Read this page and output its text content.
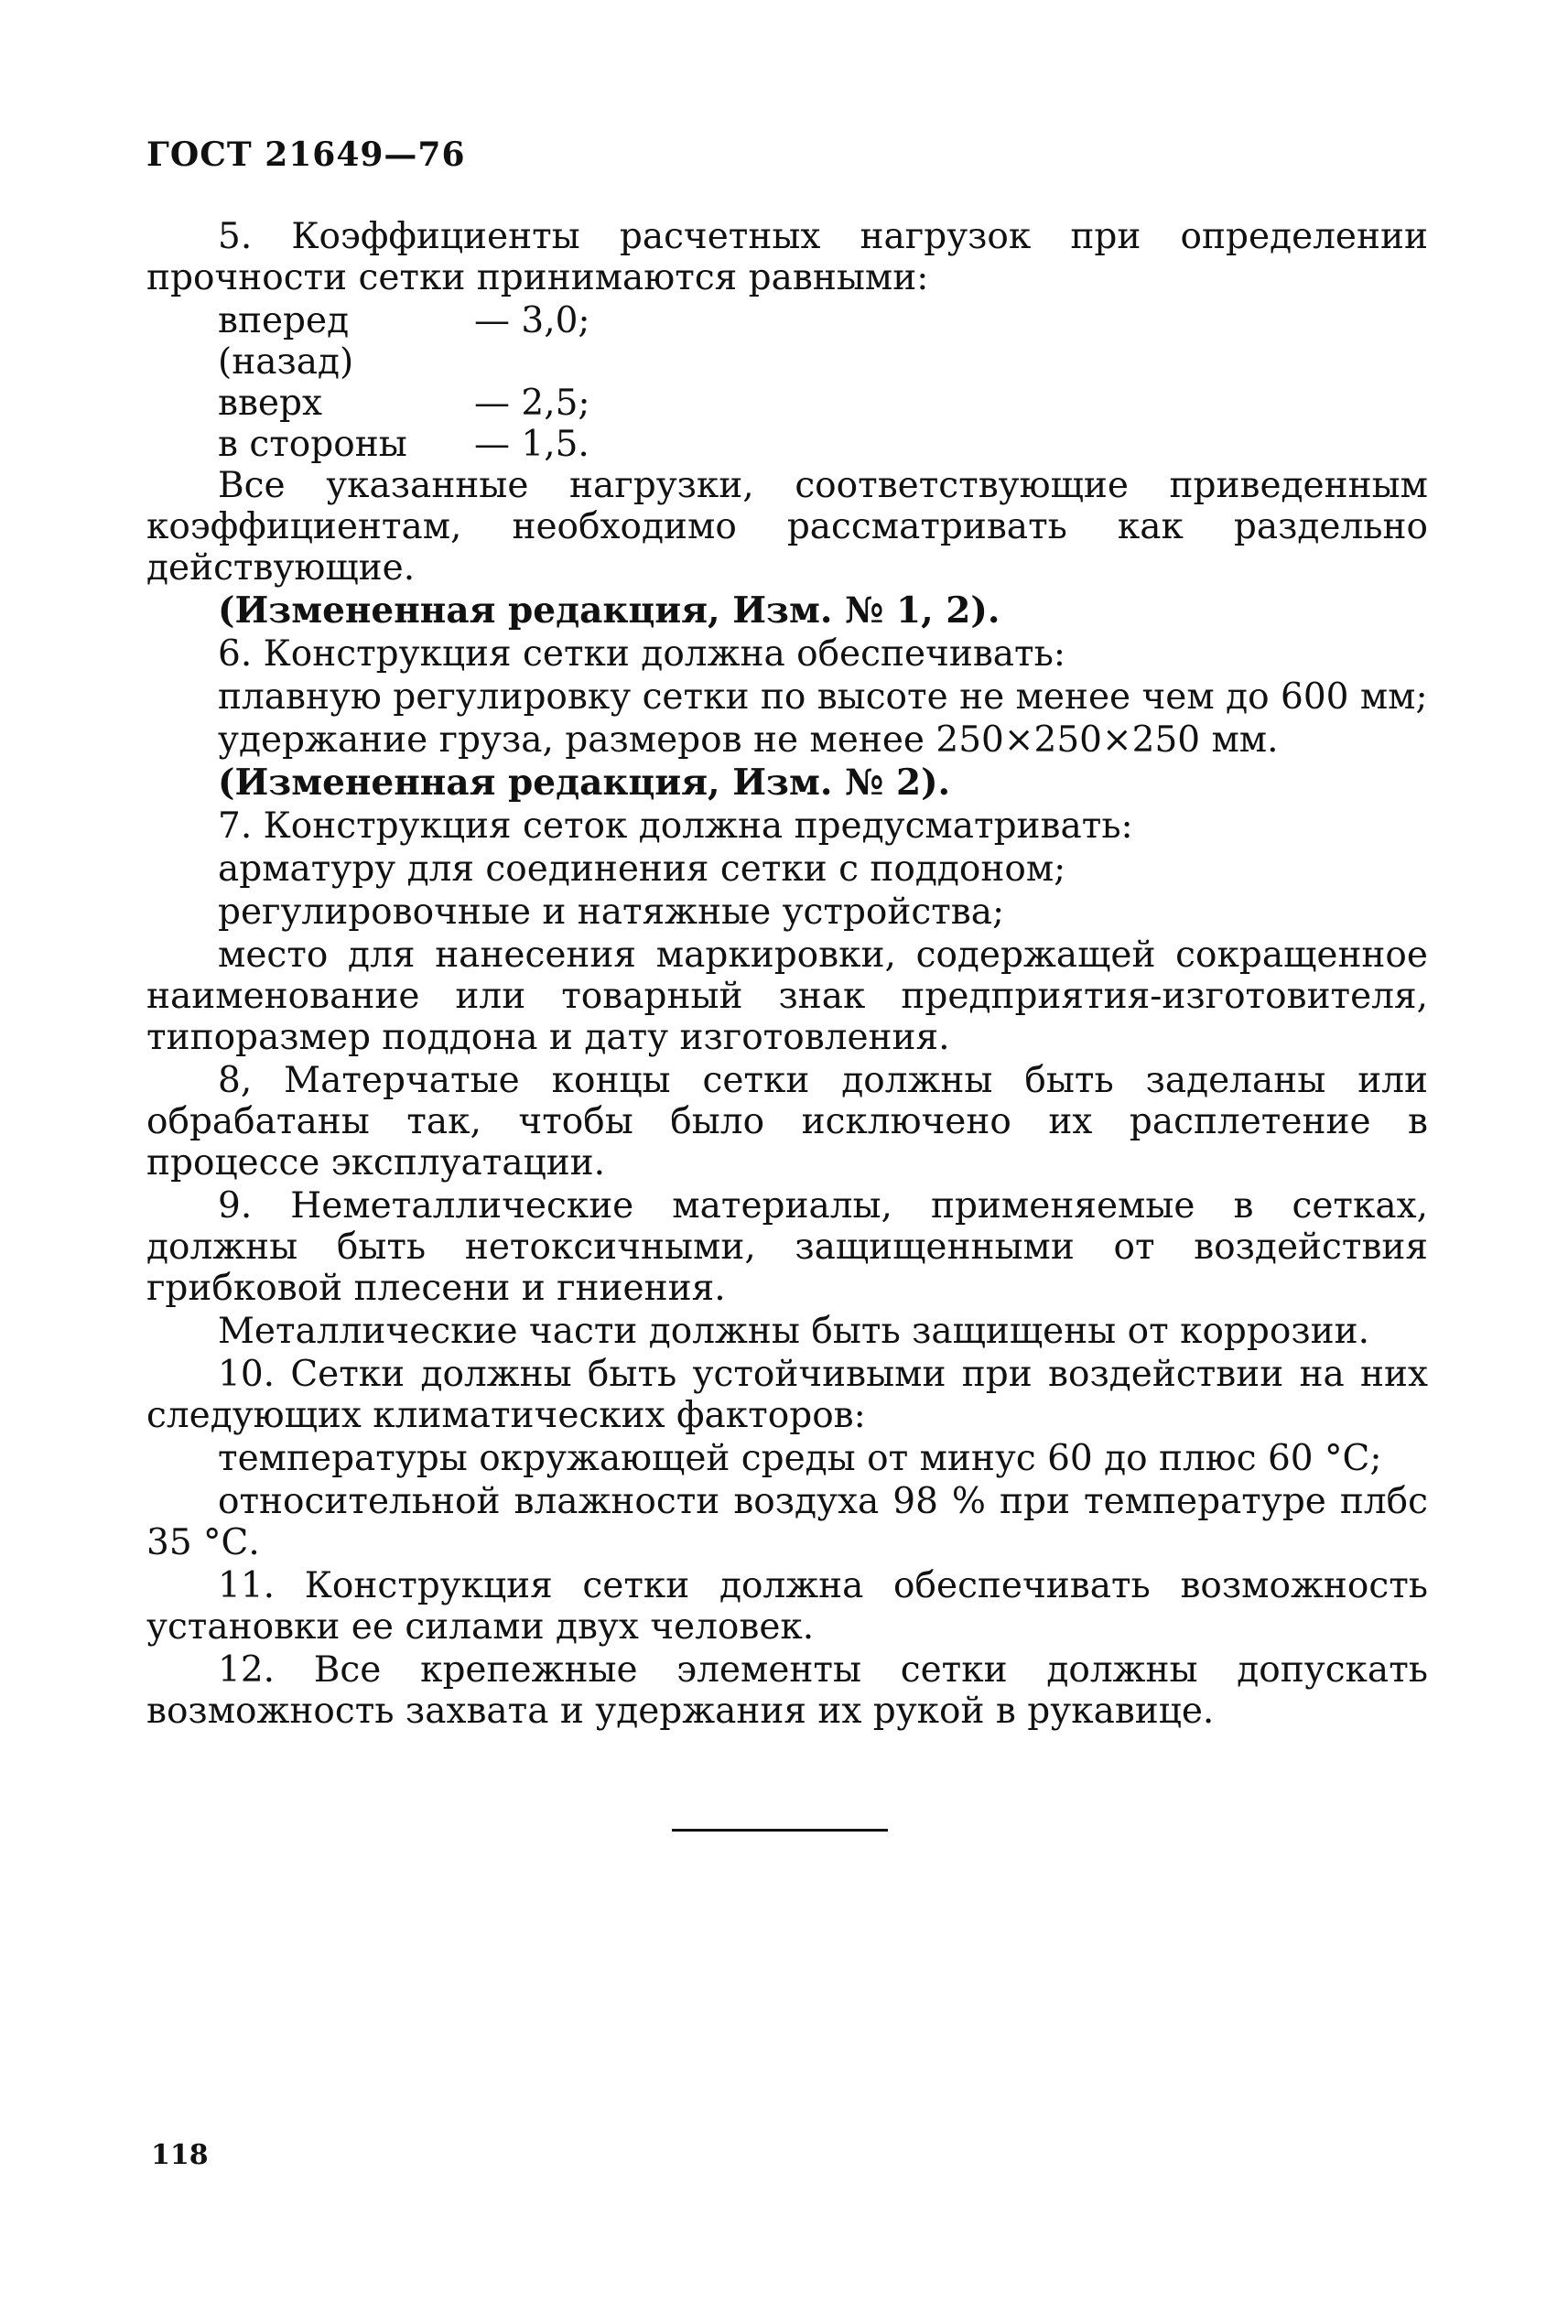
ГОСТ 21649—76

5. Коэффициенты расчетных нагрузок при определении прочности сетки принимаются равными:

вперед (назад)
— 3,0;
вверх	— 2,5;
в стороны	— 1,5.

Все указанные нагрузки, соответствующие приведенным коэффициентам, необходимо рассматривать как раздельно действующие.

(Измененная редакция, Изм. № 1, 2).

6. Конструкция сетки должна обеспечивать:

плавную регулировку сетки по высоте не менее чем до 600 мм;

удержание груза, размеров не менее 250×250×250 мм.

(Измененная редакция, Изм. № 2).

7. Конструкция сеток должна предусматривать:

арматуру для соединения сетки с поддоном;

регулировочные и натяжные устройства;

место для нанесения маркировки, содержащей сокращенное наименование или товарный знак предприятия-изготовителя, типоразмер поддона и дату изготовления.

8, Матерчатые концы сетки должны быть заделаны или обрабатаны так, чтобы было исключено их расплетение в процессе эксплуатации.

9. Неметаллические материалы, применяемые в сетках, должны быть нетоксичными, защищенными от воздействия грибковой плесени и гниения.

Металлические части должны быть защищены от коррозии.

10. Сетки должны быть устойчивыми при воздействии на них следующих климатических факторов:

температуры окружающей среды от минус 60 до плюс 60 °С;

относительной влажности воздуха 98 % при температуре плбс 35 °С.

11. Конструкция сетки должна обеспечивать возможность установки ее силами двух человек.

12. Все крепежные элементы сетки должны допускать возможность захвата и удержания их рукой в рукавице.

118
